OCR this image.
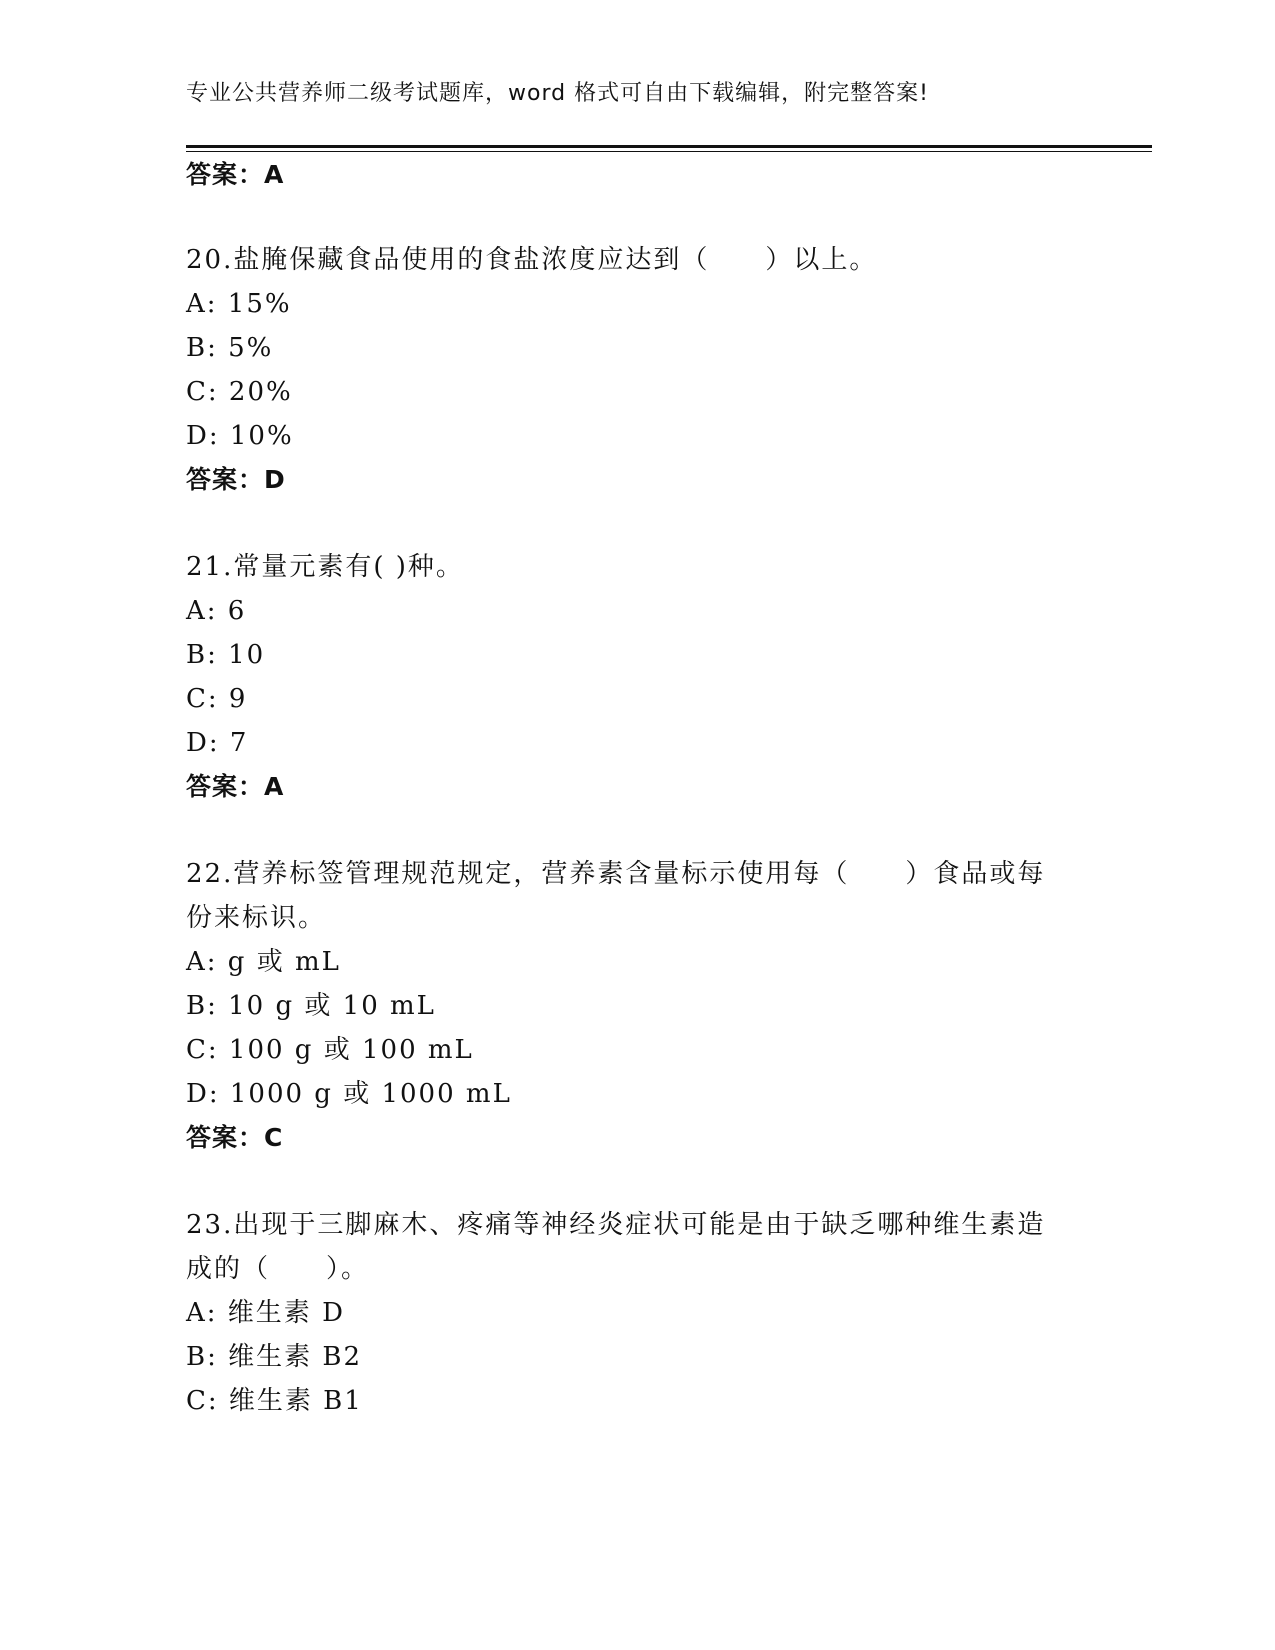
专业公共营养师二级考试题库，word 格式可自由下载编辑，附完整答案!
答案：A
20.盐腌保藏食品使用的食盐浓度应达到（　　）以上。
A: 15%
B: 5%
C: 20%
D: 10%
答案：D
21.常量元素有( )种。
A: 6
B: 10
C: 9
D: 7
答案：A
22.营养标签管理规范规定，营养素含量标示使用每（　　）食品或每
份来标识。
A: g 或 mL
B: 10 g 或 10 mL
C: 100 g 或 100 mL
D: 1000 g 或 1000 mL
答案：C
23.出现于三脚麻木、疼痛等神经炎症状可能是由于缺乏哪种维生素造
成的（　　）。
A: 维生素 D
B: 维生素 B2
C: 维生素 B1
